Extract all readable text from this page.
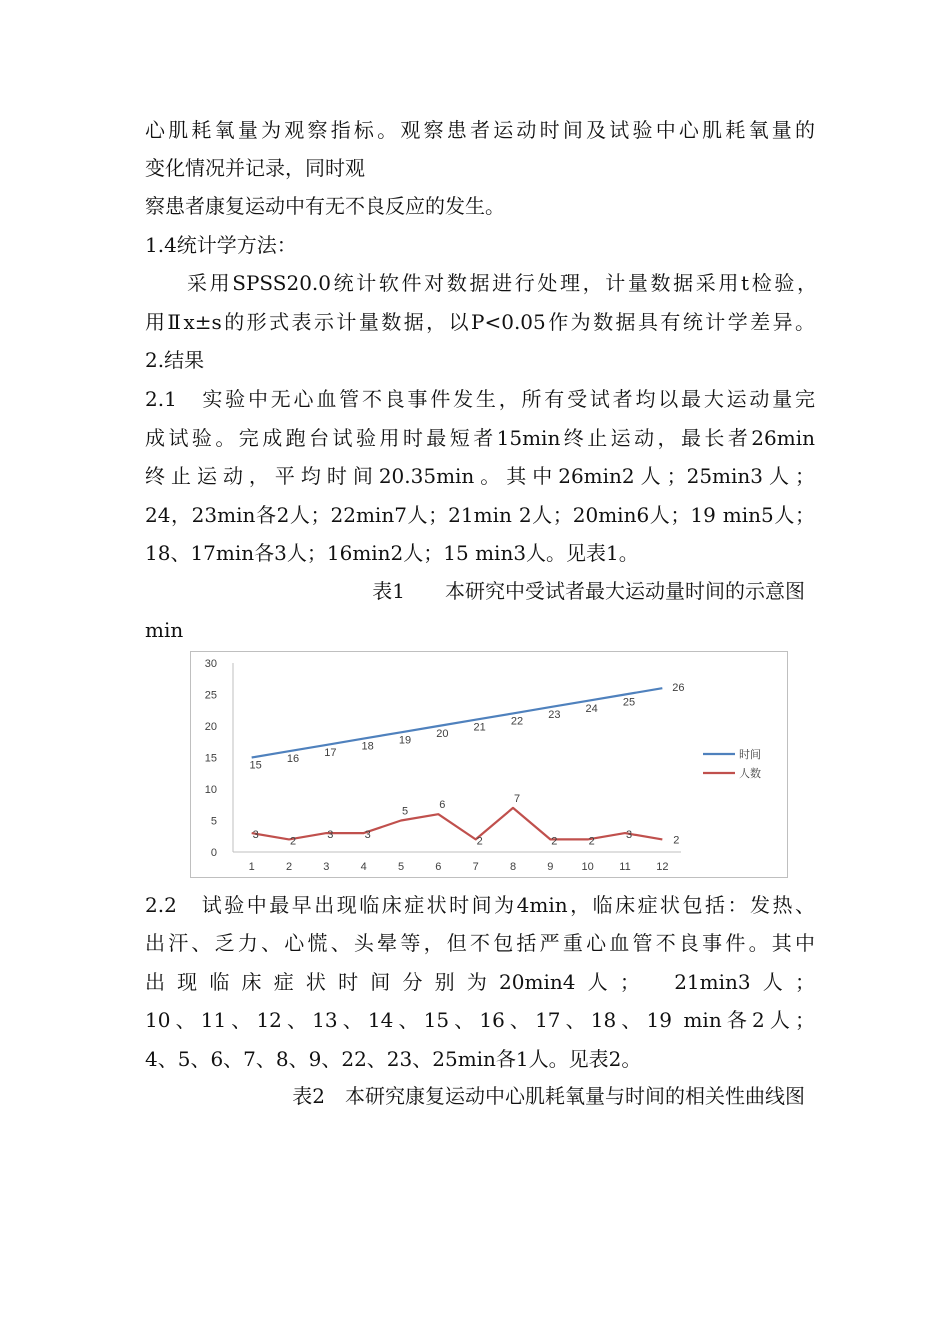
心肌耗氧量为观察指标。观察患者运动时间及试验中心肌耗氧量的
变化情况并记录，同时观
察患者康复运动中有无不良反应的发生。
1.4统计学方法：
采用SPSS20.0统计软件对数据进行处理，计量数据采用t检验，
用Ⅱx±s的形式表示计量数据，以P<0.05作为数据具有统计学差异。
2.结果
2.1　实验中无心血管不良事件发生，所有受试者均以最大运动量完
成试验。完成跑台试验用时最短者15min终止运动，最长者26min
终止运动，平均时间20.35min。其中26min2人；25min3人；
24，23min各2人；22min7人；21min 2人；20min6人；19 min5人；
18、17min各3人；16min2人；15 min3人。见表1。
表1　　本研究中受试者最大运动量时间的示意图
min
0
5
10
15
20
25
30
1	2	3	4	5	6	7	8	9	10 11 12
15
16
17
18
19
20
21
22
23
24
25
26
3
2
3	3
5
6
2
7
2	2
3	2
时间
人数
2.2　试验中最早出现临床症状时间为4min，临床症状包括：发热、
出汗、乏力、心慌、头晕等，但不包括严重心血管不良事件。其中
出现临床症状时间分别为20min4人；　21min3人；
10、11、12、13、14、15、16、17、18、19 min各2人；
4、5、6、7、8、9、22、23、25min各1人。见表2。
表2　本研究康复运动中心肌耗氧量与时间的相关性曲线图
